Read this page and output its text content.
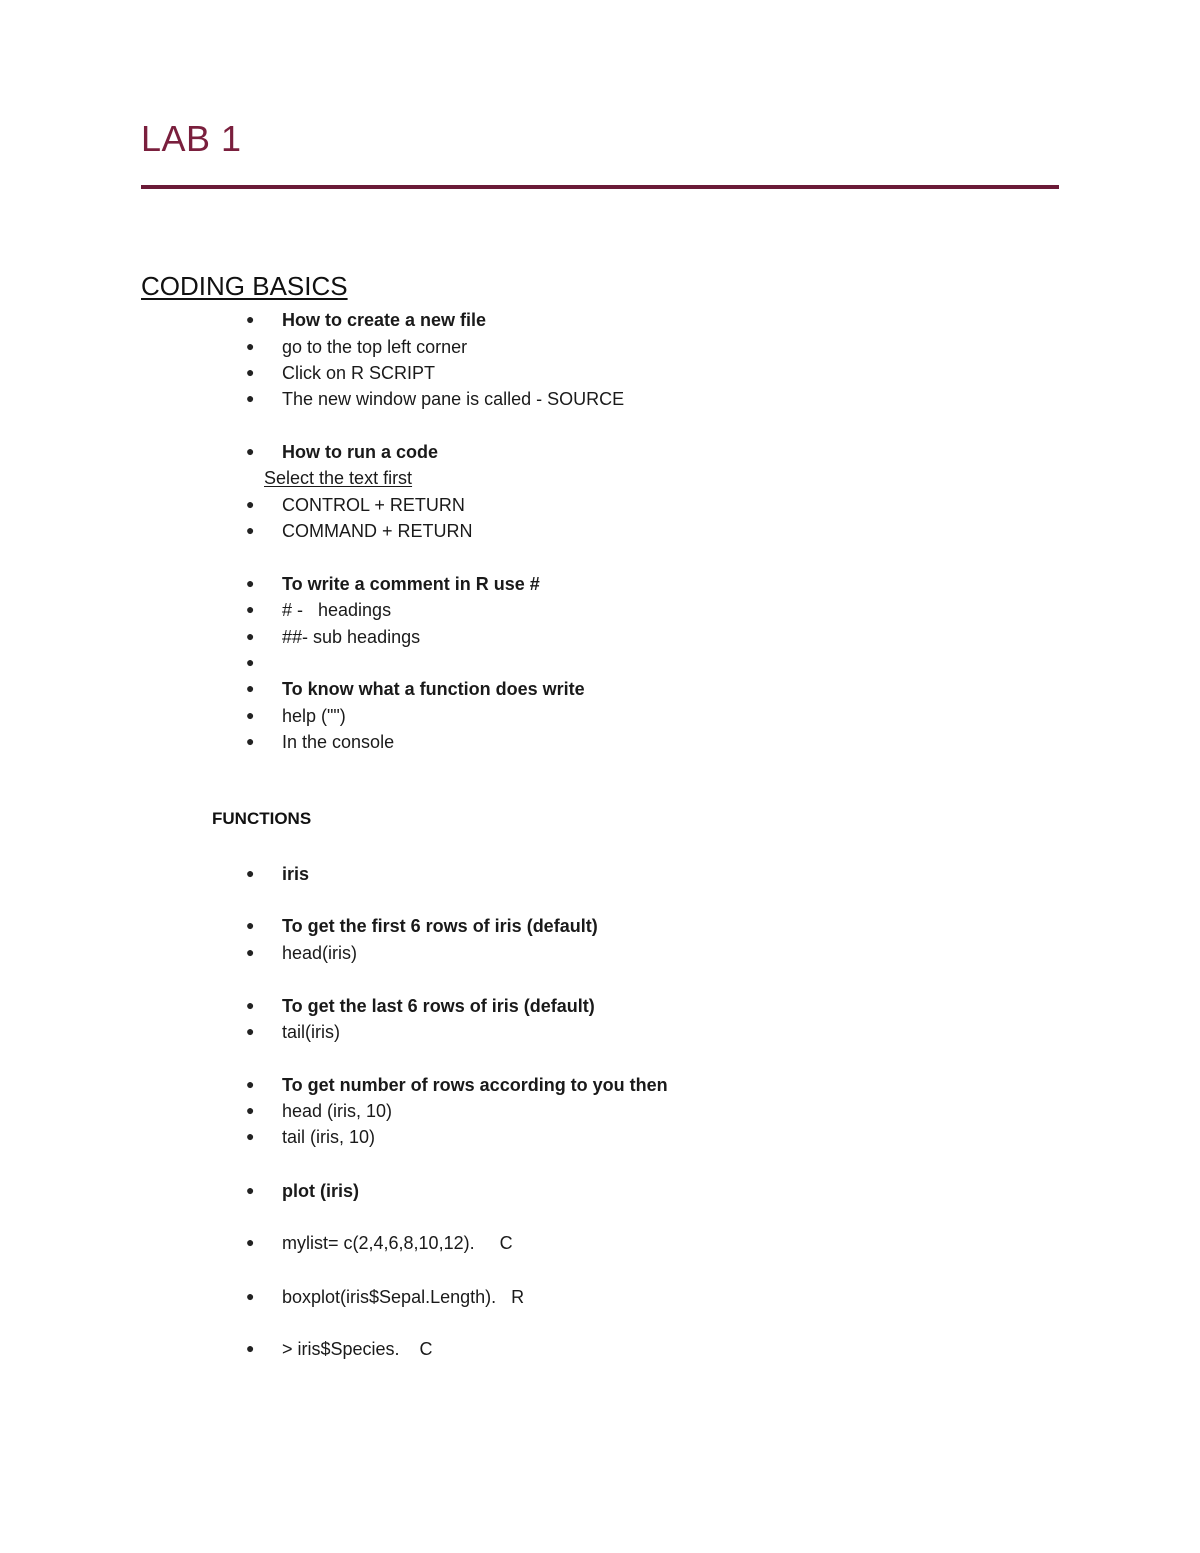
LAB 1
CODING BASICS
● How to create a new file
● go to the top left corner
● Click on R SCRIPT
● The new window pane is called - SOURCE
● How to run a code
Select the text first
● CONTROL + RETURN
● COMMAND + RETURN
● To write a comment in R use #
● # -   headings
● ##- sub headings
●
● To know what a function does write
● help ("")
● In the console
FUNCTIONS
● iris
● To get the first 6 rows of iris (default)
● head(iris)
● To get the last 6 rows of iris (default)
● tail(iris)
● To get number of rows according to you then
● head (iris, 10)
● tail (iris, 10)
● plot (iris)
● mylist= c(2,4,6,8,10,12).     C
● boxplot(iris$Sepal.Length).   R
● > iris$Species.    C
